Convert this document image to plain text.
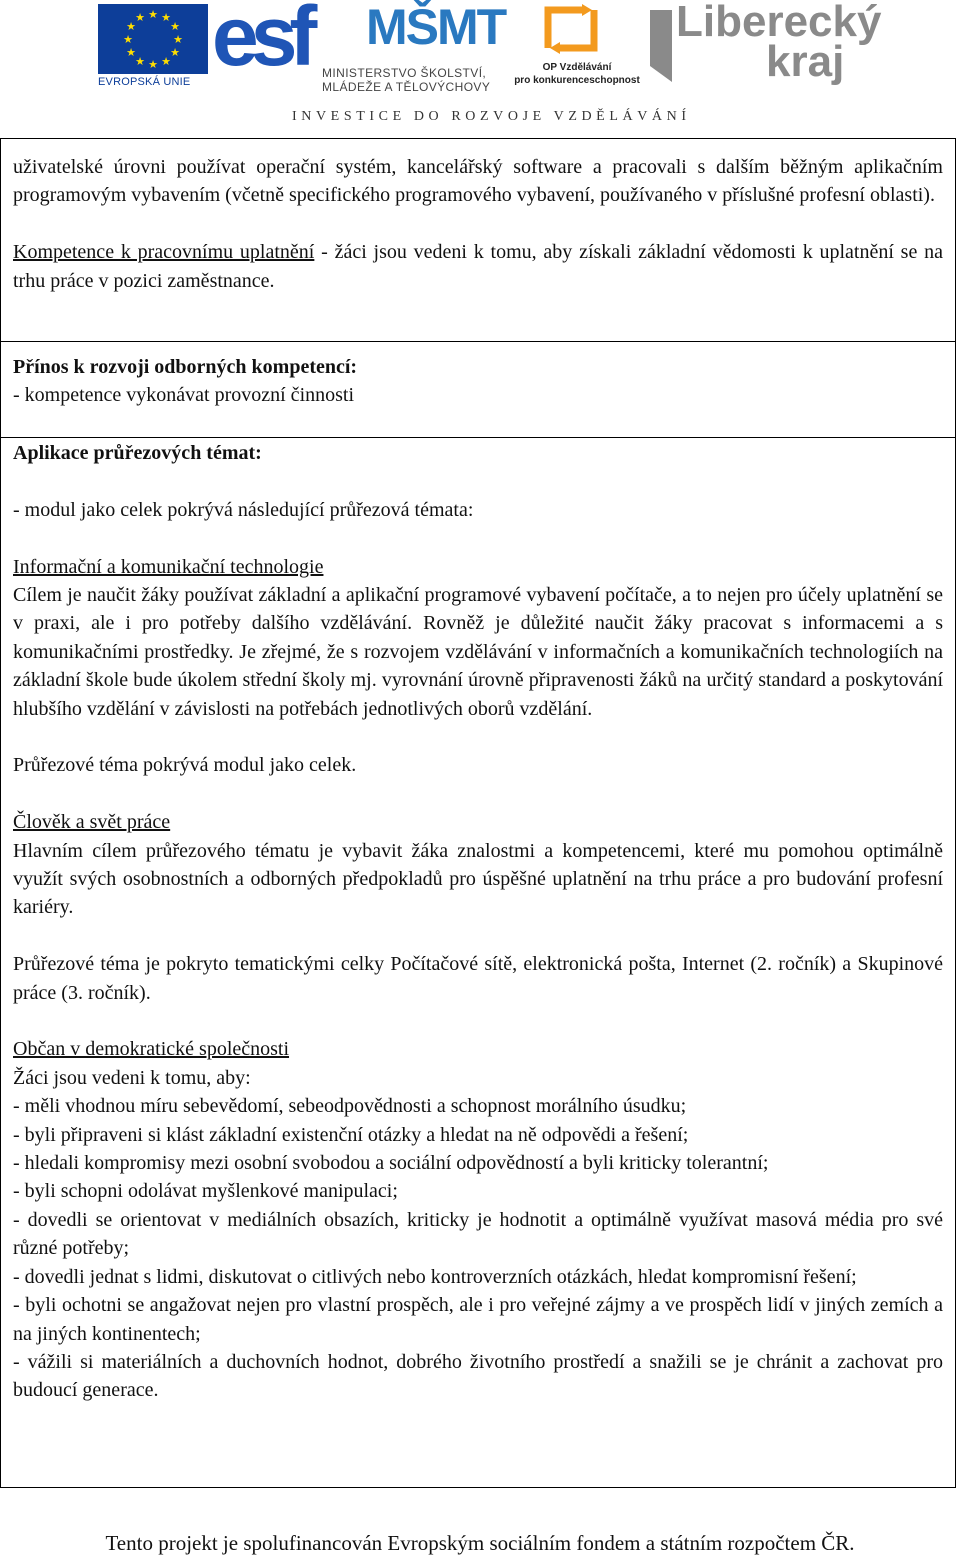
★ ★
★
★
★
★
★
★
★
★
★
★
EVROPSKÁ UNIE esf MŠMT
MINISTERSTVO ŠKOLSTVÍ,
MLÁDEŽE A TĚLOVÝCHOVY
OP Vzdělávání
pro konkurenceschopnost
Liberecký
kraj
INVESTICE DO ROZVOJE VZDĚLÁVÁNÍ

uživatelské úrovni používat operační systém, kancelářský software a pracovali s dalším běžným aplikačním programovým vybavením (včetně specifického programového vybavení, používaného v příslušné profesní oblasti).

Kompetence k pracovnímu uplatnění - žáci jsou vedeni k tomu, aby získali základní vědomosti k uplatnění se na trhu práce v pozici zaměstnance.

Přínos k rozvoji odborných kompetencí:

- kompetence vykonávat provozní činnosti

Aplikace průřezových témat:

- modul jako celek pokrývá následující průřezová témata:

Informační a komunikační technologie

Cílem je naučit žáky používat základní a aplikační programové vybavení počítače, a to nejen pro účely uplatnění se v praxi, ale i pro potřeby dalšího vzdělávání. Rovněž je důležité naučit žáky pracovat s informacemi a s komunikačními prostředky. Je zřejmé, že s rozvojem vzdělávání v informačních a komunikačních technologiích na základní škole bude úkolem střední školy mj. vyrovnání úrovně připravenosti žáků na určitý standard a poskytování hlubšího vzdělání v závislosti na potřebách jednotlivých oborů vzdělání.

Průřezové téma pokrývá modul jako celek.

Člověk a svět práce

Hlavním cílem průřezového tématu je vybavit žáka znalostmi a kompetencemi, které mu pomohou optimálně využít svých osobnostních a odborných předpokladů pro úspěšné uplatnění na trhu práce a pro budování profesní kariéry.

Průřezové téma je pokryto tematickými celky Počítačové sítě, elektronická pošta, Internet (2. ročník) a Skupinové práce (3. ročník).

Občan v demokratické společnosti

Žáci jsou vedeni k tomu, aby:

- měli vhodnou míru sebevědomí, sebeodpovědnosti a schopnost morálního úsudku;

- byli připraveni si klást základní existenční otázky a hledat na ně odpovědi a řešení;

- hledali kompromisy mezi osobní svobodou a sociální odpovědností a byli kriticky tolerantní;

- byli schopni odolávat myšlenkové manipulaci;

- dovedli se orientovat v mediálních obsazích, kriticky je hodnotit a optimálně využívat masová média pro své různé potřeby;

- dovedli jednat s lidmi, diskutovat o citlivých nebo kontroverzních otázkách, hledat kompromisní řešení;

- byli ochotni se angažovat nejen pro vlastní prospěch, ale i pro veřejné zájmy a ve prospěch lidí v jiných zemích a na jiných kontinentech;

- vážili si materiálních a duchovních hodnot, dobrého životního prostředí a snažili se je chránit a zachovat pro budoucí generace.

Tento projekt je spolufinancován Evropským sociálním fondem a státním rozpočtem ČR.
